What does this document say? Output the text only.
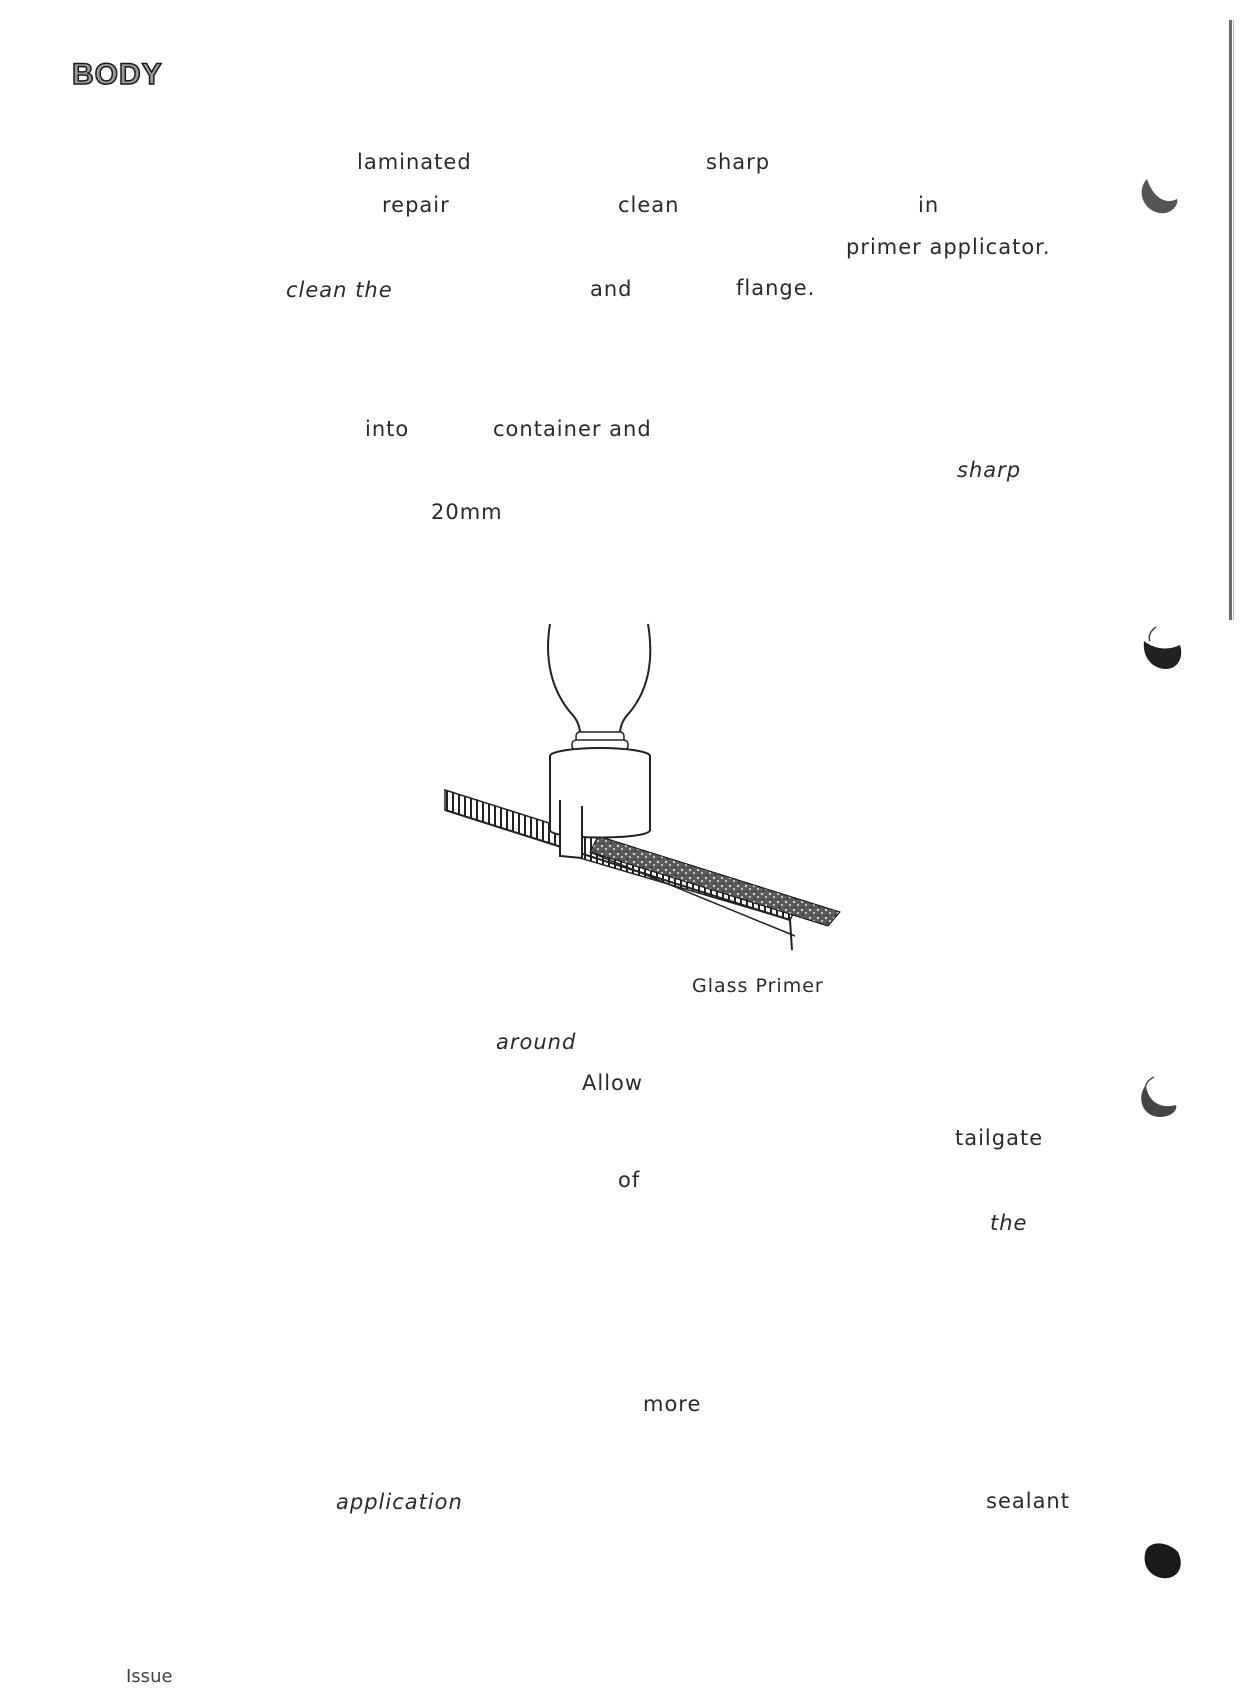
BODY
laminated	sharp
repair	clean	in
primer applicator.
clean the	and	flange.
into	container and
sharp
20mm
Glass Primer
around
Allow
tailgate
of
the
more
application	sealant
Issue
